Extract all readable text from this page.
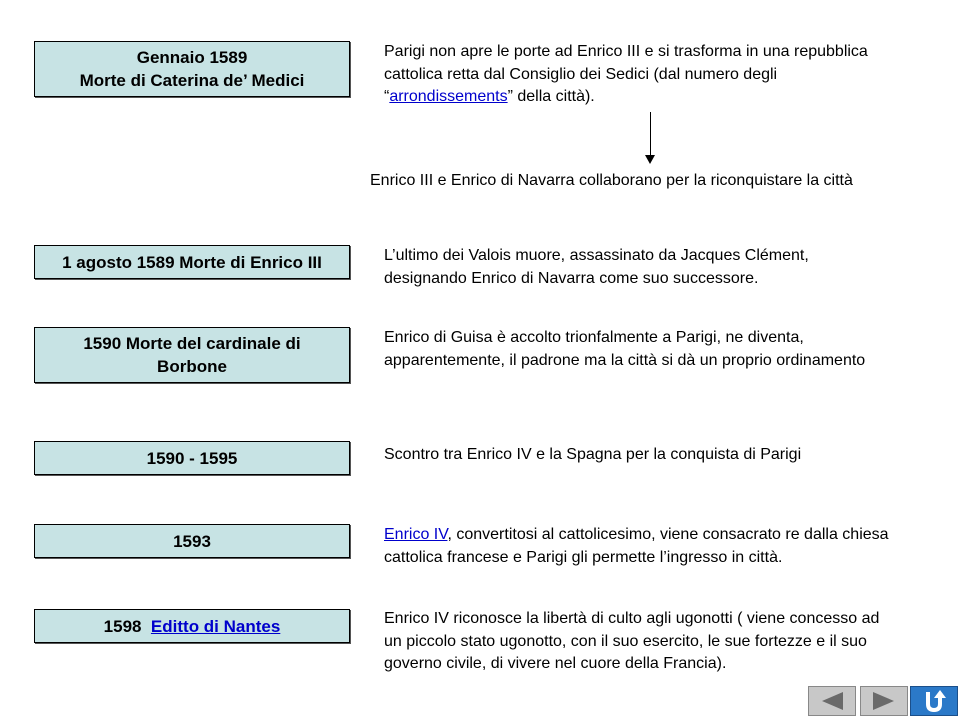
Gennaio 1589
Morte di Caterina de’ Medici
1 agosto 1589 Morte di Enrico III
1590 Morte del cardinale di
Borbone
1590 - 1595
1593
1598  Editto di Nantes
Parigi non apre le porte ad Enrico III e si trasforma in una repubblica cattolica retta dal Consiglio dei Sedici (dal numero degli “arrondissements” della città).
Enrico III e Enrico di Navarra collaborano per la riconquistare la città
L’ultimo dei Valois muore, assassinato da Jacques Clément, designando Enrico di Navarra come suo successore.
Enrico di Guisa è accolto trionfalmente a Parigi, ne diventa, apparentemente, il padrone ma la città si dà un proprio ordinamento
Scontro tra Enrico IV e la Spagna per la conquista di Parigi
Enrico IV, convertitosi al cattolicesimo, viene consacrato re dalla chiesa cattolica francese e Parigi gli permette l’ingresso in città.
Enrico IV riconosce la libertà di culto agli ugonotti ( viene concesso ad un piccolo stato ugonotto, con il suo esercito, le sue fortezze e il suo governo civile, di vivere nel cuore della Francia).
